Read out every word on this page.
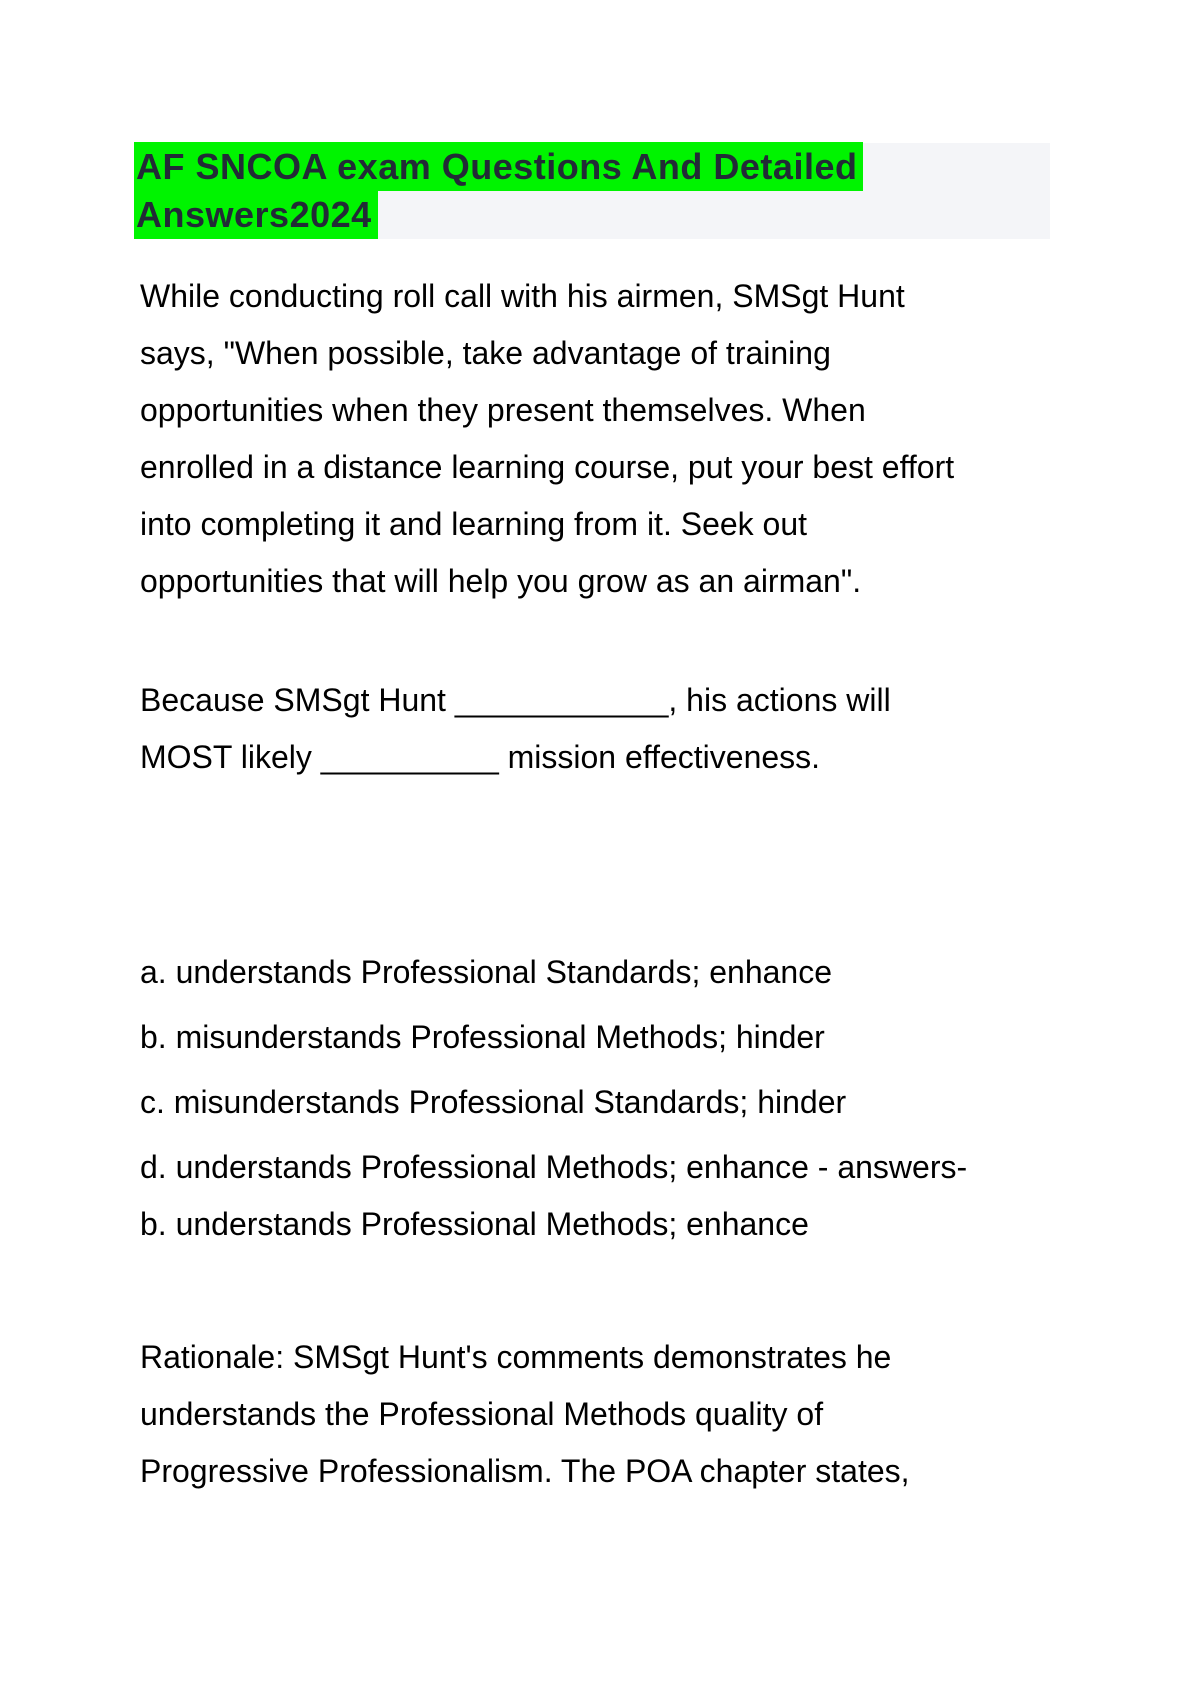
AF SNCOA exam Questions And Detailed Answers2024

While conducting roll call with his airmen, SMSgt Hunt says, "When possible, take advantage of training opportunities when they present themselves. When enrolled in a distance learning course, put your best effort into completing it and learning from it. Seek out opportunities that will help you grow as an airman".

Because SMSgt Hunt ____________, his actions will MOST likely __________ mission effectiveness.

a. understands Professional Standards; enhance

b. misunderstands Professional Methods; hinder

c. misunderstands Professional Standards; hinder

d. understands Professional Methods; enhance - answers-b. understands Professional Methods; enhance

Rationale: SMSgt Hunt's comments demonstrates he understands the Professional Methods quality of Progressive Professionalism. The POA chapter states,
